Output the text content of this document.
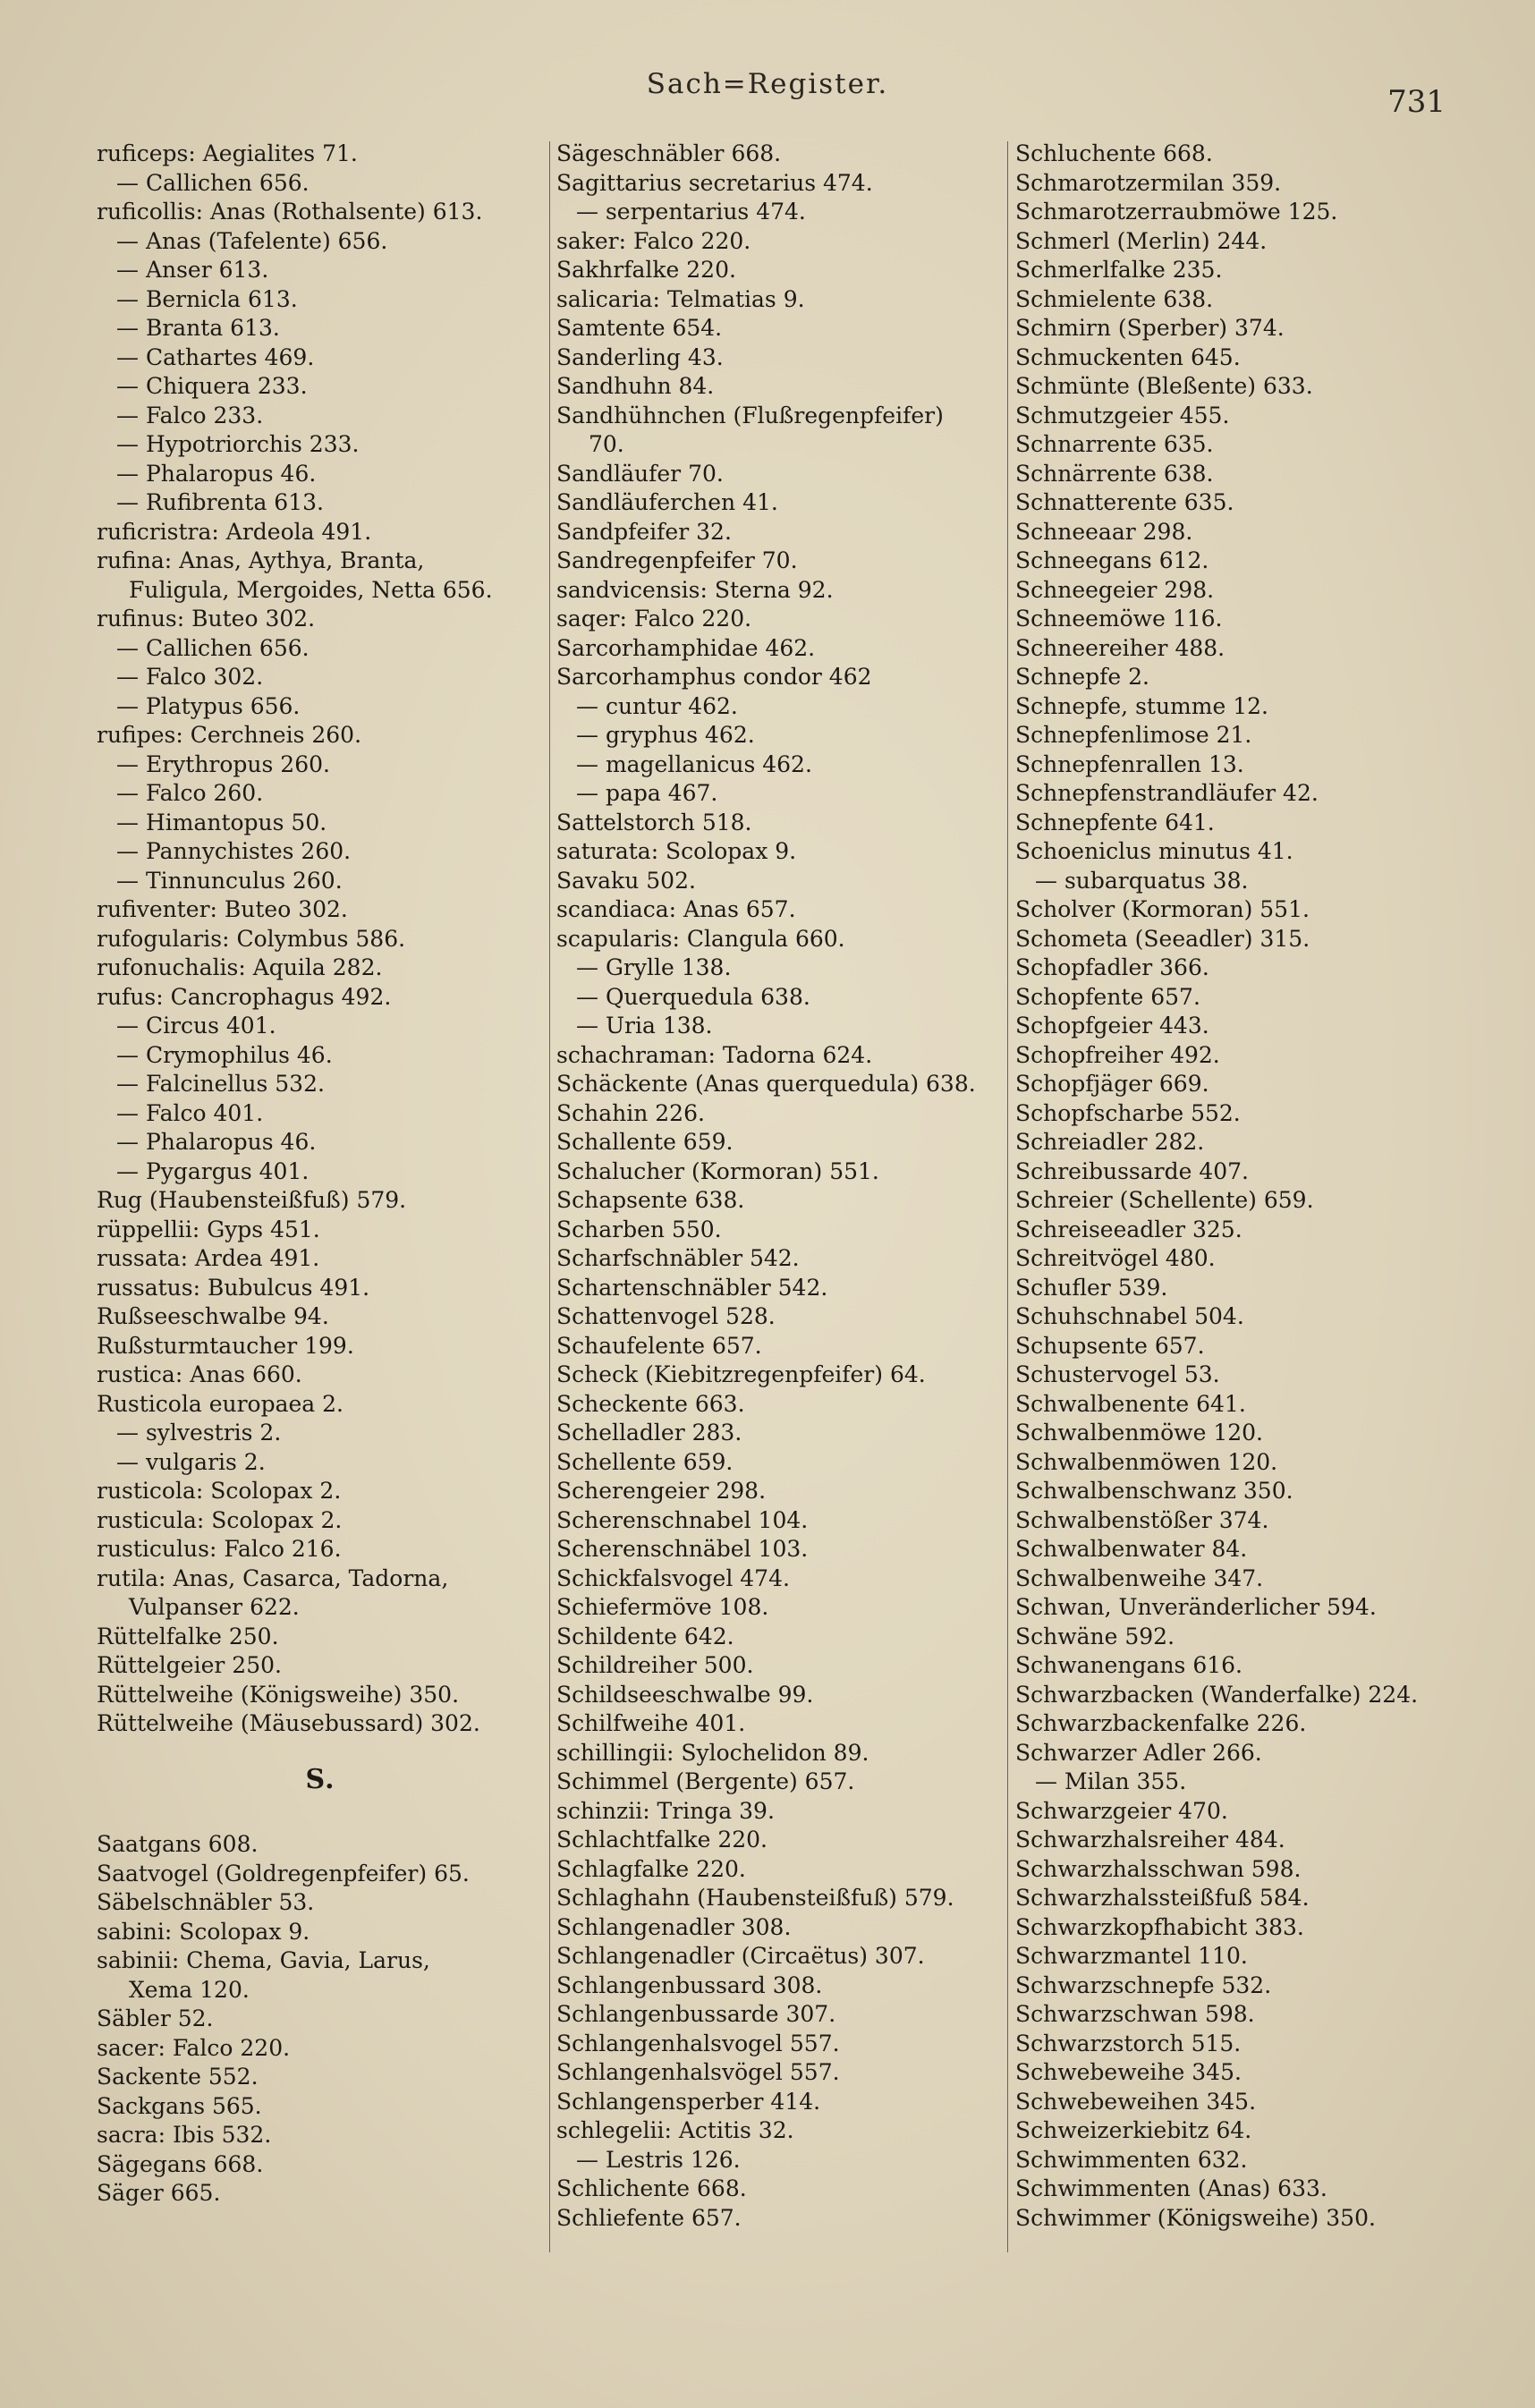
Sach=Register.	731
ruficeps: Aegialites 71.
— Callichen 656.
ruficollis: Anas (Rothalsente) 613.
— Anas (Tafelente) 656.
— Anser 613.
— Bernicla 613.
— Branta 613.
— Cathartes 469.
— Chiquera 233.
— Falco 233.
— Hypotriorchis 233.
— Phalaropus 46.
— Rufibrenta 613.
ruficristra: Ardeola 491.
rufina: Anas, Aythya, Branta,
Fuligula, Mergoides, Netta 656.
rufinus: Buteo 302.
— Callichen 656.
— Falco 302.
— Platypus 656.
rufipes: Cerchneis 260.
— Erythropus 260.
— Falco 260.
— Himantopus 50.
— Pannychistes 260.
— Tinnunculus 260.
rufiventer: Buteo 302.
rufogularis: Colymbus 586.
rufonuchalis: Aquila 282.
rufus: Cancrophagus 492.
— Circus 401.
— Crymophilus 46.
— Falcinellus 532.
— Falco 401.
— Phalaropus 46.
— Pygargus 401.
Rug (Haubensteißfuß) 579.
rüppellii: Gyps 451.
russata: Ardea 491.
russatus: Bubulcus 491.
Rußseeschwalbe 94.
Rußsturmtaucher 199.
rustica: Anas 660.
Rusticola europaea 2.
— sylvestris 2.
— vulgaris 2.
rusticola: Scolopax 2.
rusticula: Scolopax 2.
rusticulus: Falco 216.
rutila: Anas, Casarca, Tadorna,
Vulpanser 622.
Rüttelfalke 250.
Rüttelgeier 250.
Rüttelweihe (Königsweihe) 350.
Rüttelweihe (Mäusebussard) 302.
S.
Saatgans 608.
Saatvogel (Goldregenpfeifer) 65.
Säbelschnäbler 53.
sabini: Scolopax 9.
sabinii: Chema, Gavia, Larus,
Xema 120.
Säbler 52.
sacer: Falco 220.
Sackente 552.
Sackgans 565.
sacra: Ibis 532.
Sägegans 668.
Säger 665.
Sägeschnäbler 668.
Sagittarius secretarius 474.
— serpentarius 474.
saker: Falco 220.
Sakhrfalke 220.
salicaria: Telmatias 9.
Samtente 654.
Sanderling 43.
Sandhuhn 84.
Sandhühnchen (Flußregenpfeifer)
70.
Sandläufer 70.
Sandläuferchen 41.
Sandpfeifer 32.
Sandregenpfeifer 70.
sandvicensis: Sterna 92.
saqer: Falco 220.
Sarcorhamphidae 462.
Sarcorhamphus condor 462
— cuntur 462.
— gryphus 462.
— magellanicus 462.
— papa 467.
Sattelstorch 518.
saturata: Scolopax 9.
Savaku 502.
scandiaca: Anas 657.
scapularis: Clangula 660.
— Grylle 138.
— Querquedula 638.
— Uria 138.
schachraman: Tadorna 624.
Schäckente (Anas querquedula) 638.
Schahin 226.
Schallente 659.
Schalucher (Kormoran) 551.
Schapsente 638.
Scharben 550.
Scharfschnäbler 542.
Schartenschnäbler 542.
Schattenvogel 528.
Schaufelente 657.
Scheck (Kiebitzregenpfeifer) 64.
Scheckente 663.
Schelladler 283.
Schellente 659.
Scherengeier 298.
Scherenschnabel 104.
Scherenschnäbel 103.
Schickfalsvogel 474.
Schiefermöve 108.
Schildente 642.
Schildreiher 500.
Schildseeschwalbe 99.
Schilfweihe 401.
schillingii: Sylochelidon 89.
Schimmel (Bergente) 657.
schinzii: Tringa 39.
Schlachtfalke 220.
Schlagfalke 220.
Schlaghahn (Haubensteißfuß) 579.
Schlangenadler 308.
Schlangenadler (Circaëtus) 307.
Schlangenbussard 308.
Schlangenbussarde 307.
Schlangenhalsvogel 557.
Schlangenhalsvögel 557.
Schlangensperber 414.
schlegelii: Actitis 32.
— Lestris 126.
Schlichente 668.
Schliefente 657.
Schluchente 668.
Schmarotzermilan 359.
Schmarotzerraubmöwe 125.
Schmerl (Merlin) 244.
Schmerlfalke 235.
Schmielente 638.
Schmirn (Sperber) 374.
Schmuckenten 645.
Schmünte (Bleßente) 633.
Schmutzgeier 455.
Schnarrente 635.
Schnärrente 638.
Schnatterente 635.
Schneeaar 298.
Schneegans 612.
Schneegeier 298.
Schneemöwe 116.
Schneereiher 488.
Schnepfe 2.
Schnepfe, stumme 12.
Schnepfenlimose 21.
Schnepfenrallen 13.
Schnepfenstrandläufer 42.
Schnepfente 641.
Schoeniclus minutus 41.
— subarquatus 38.
Scholver (Kormoran) 551.
Schometa (Seeadler) 315.
Schopfadler 366.
Schopfente 657.
Schopfgeier 443.
Schopfreiher 492.
Schopfjäger 669.
Schopfscharbe 552.
Schreiadler 282.
Schreibussarde 407.
Schreier (Schellente) 659.
Schreiseeadler 325.
Schreitvögel 480.
Schufler 539.
Schuhschnabel 504.
Schupsente 657.
Schustervogel 53.
Schwalbenente 641.
Schwalbenmöwe 120.
Schwalbenmöwen 120.
Schwalbenschwanz 350.
Schwalbenstößer 374.
Schwalbenwater 84.
Schwalbenweihe 347.
Schwan, Unveränderlicher 594.
Schwäne 592.
Schwanengans 616.
Schwarzbacken (Wanderfalke) 224.
Schwarzbackenfalke 226.
Schwarzer Adler 266.
— Milan 355.
Schwarzgeier 470.
Schwarzhalsreiher 484.
Schwarzhalsschwan 598.
Schwarzhalssteißfuß 584.
Schwarzkopfhabicht 383.
Schwarzmantel 110.
Schwarzschnepfe 532.
Schwarzschwan 598.
Schwarzstorch 515.
Schwebeweihe 345.
Schwebeweihen 345.
Schweizerkiebitz 64.
Schwimmenten 632.
Schwimmenten (Anas) 633.
Schwimmer (Königsweihe) 350.
